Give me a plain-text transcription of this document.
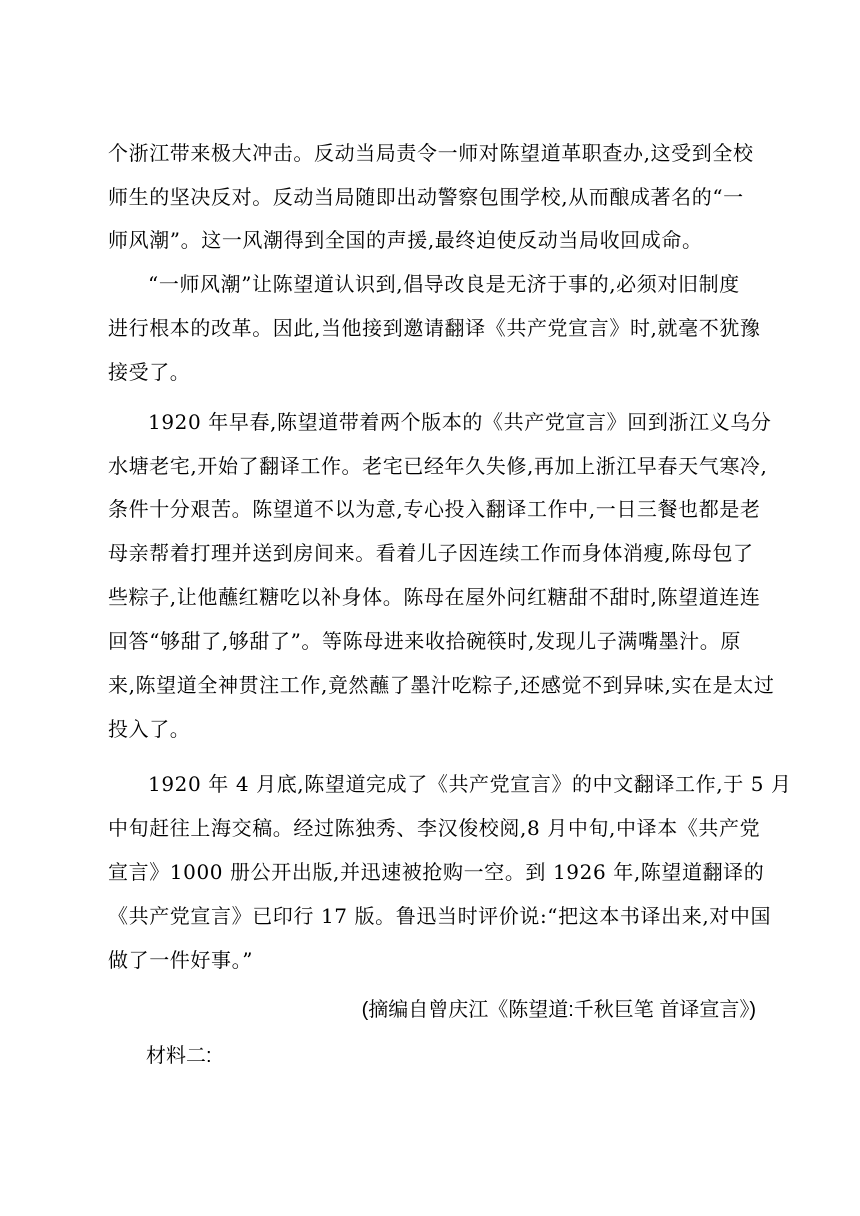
个浙江带来极大冲击。反动当局责令一师对陈望道革职查办,这受到全校
师生的坚决反对。反动当局随即出动警察包围学校,从而酿成著名的“一
师风潮”。这一风潮得到全国的声援,最终迫使反动当局收回成命。
“一师风潮”让陈望道认识到,倡导改良是无济于事的,必须对旧制度
进行根本的改革。因此,当他接到邀请翻译《共产党宣言》时,就毫不犹豫
接受了。
1920 年早春,陈望道带着两个版本的《共产党宣言》回到浙江义乌分
水塘老宅,开始了翻译工作。老宅已经年久失修,再加上浙江早春天气寒冷,
条件十分艰苦。陈望道不以为意,专心投入翻译工作中,一日三餐也都是老
母亲帮着打理并送到房间来。看着儿子因连续工作而身体消瘦,陈母包了
些粽子,让他蘸红糖吃以补身体。陈母在屋外问红糖甜不甜时,陈望道连连
回答“够甜了,够甜了”。等陈母进来收拾碗筷时,发现儿子满嘴墨汁。原
来,陈望道全神贯注工作,竟然蘸了墨汁吃粽子,还感觉不到异味,实在是太过
投入了。
1920 年 4 月底,陈望道完成了《共产党宣言》的中文翻译工作,于 5 月
中旬赶往上海交稿。经过陈独秀、李汉俊校阅,8 月中旬,中译本《共产党
宣言》1000 册公开出版,并迅速被抢购一空。到 1926 年,陈望道翻译的
《共产党宣言》已印行 17 版。鲁迅当时评价说:“把这本书译出来,对中国
做了一件好事。”
(摘编自曾庆江《陈望道:千秋巨笔 首译宣言》)
材料二:
